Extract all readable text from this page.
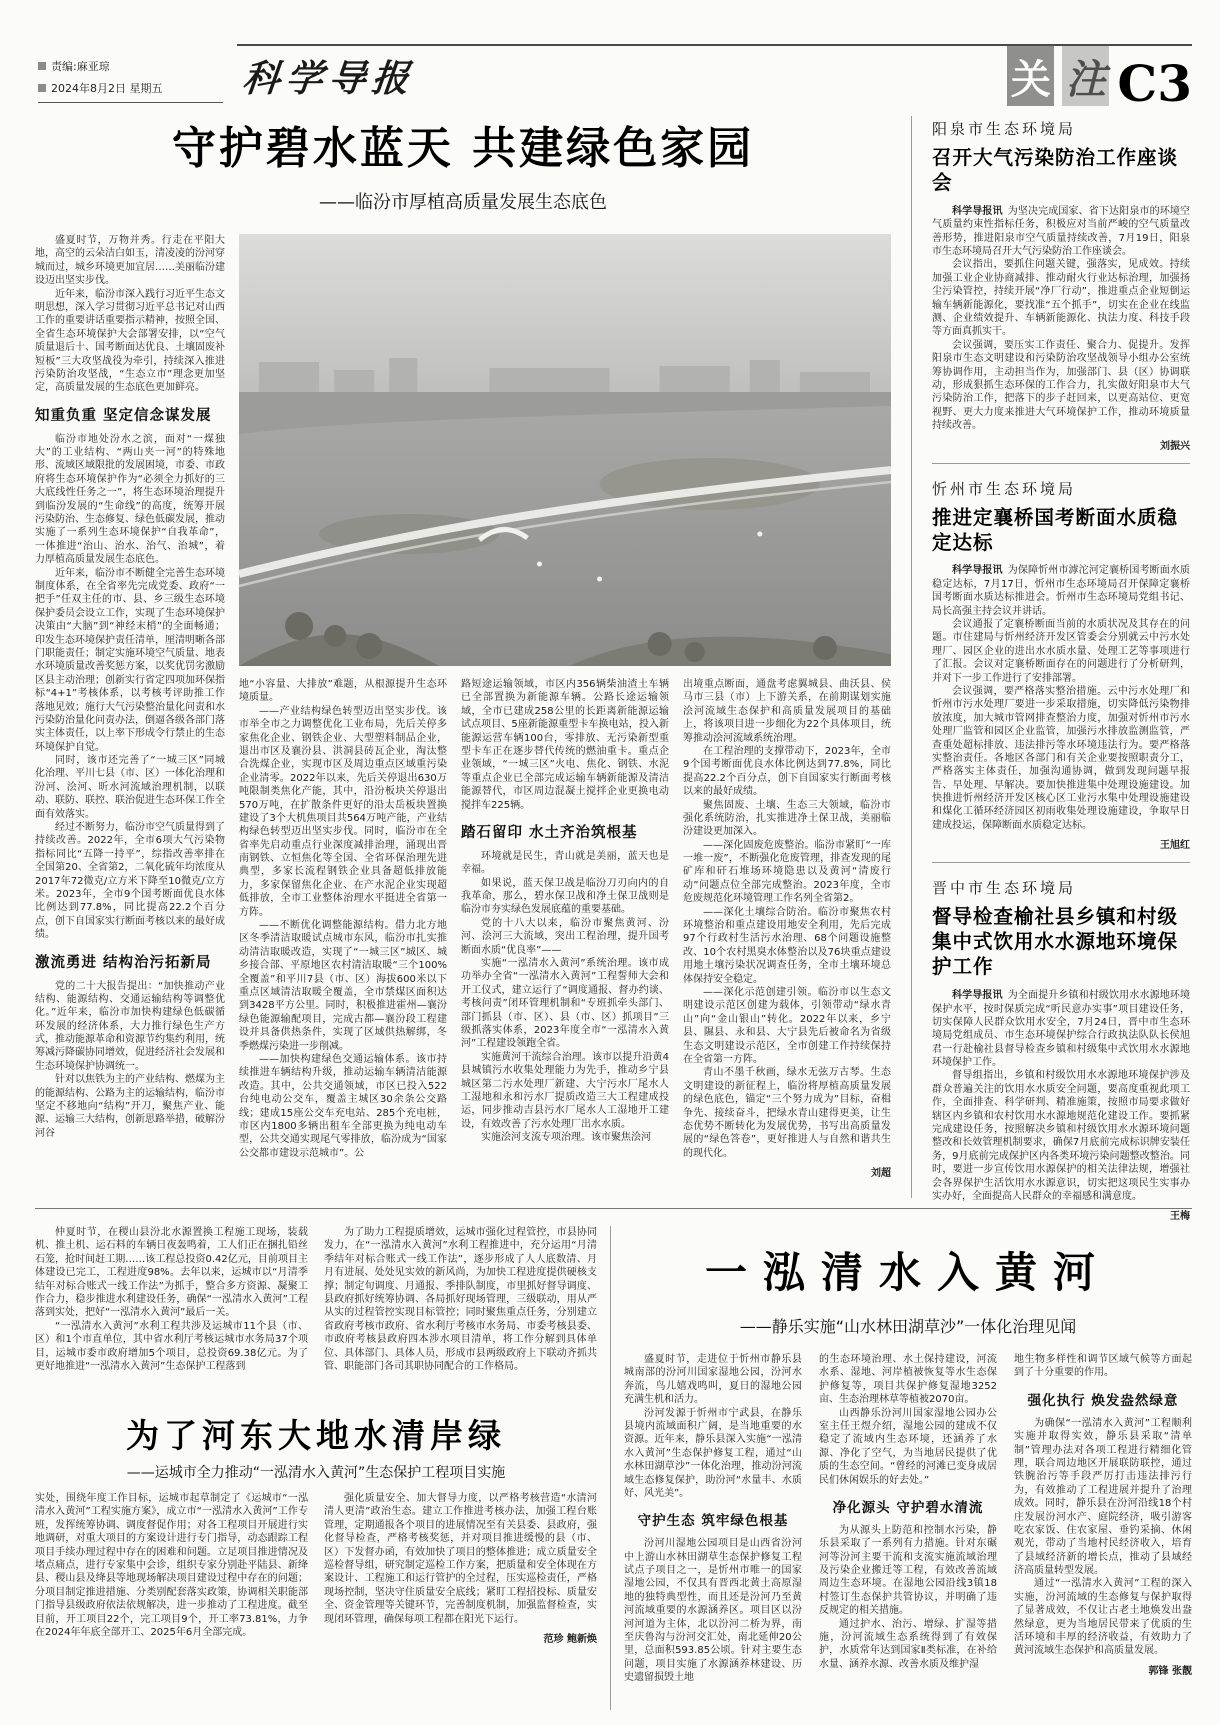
责编:麻亚琼
2024年8月2日 星期五 科学导报	关 注 C3
守护碧水蓝天 共建绿色家园
——临汾市厚植高质量发展生态底色

盛夏时节，万物并秀。行走在平阳大地，高空的云朵洁白如玉，清凌凌的汾河穿城而过，城乡环境更加宜居……美丽临汾建设迈出坚实步伐。

近年来，临汾市深入践行习近平生态文明思想，深入学习贯彻习近平总书记对山西工作的重要讲话重要指示精神，按照全国、全省生态环境保护大会部署安排，以“空气质量退后十、国考断面达优良、土壤固废补短板”三大攻坚战役为牵引，持续深入推进污染防治攻坚战，“生态立市”理念更加坚定，高质量发展的生态底色更加鲜亮。

知重负重 坚定信念谋发展

临汾市地处汾水之滨，面对“一煤独大”的工业结构、“两山夹一河”的特殊地形、流域区域限批的发展困境，市委、市政府将生态环境保护作为“必须全力抓好的三大底线性任务之一”，将生态环境治理提升到临汾发展的“生命线”的高度，统筹开展污染防治、生态修复、绿色低碳发展，推动实施了一系列生态环境保护“自我革命”，一体推进“治山、治水、治气、治城”，着力厚植高质量发展生态底色。

近年来，临汾市不断健全完善生态环境制度体系，在全省率先完成党委、政府“一把手”任双主任的市、县、乡三级生态环境保护委员会设立工作，实现了生态环境保护决策由“大脑”到“神经末梢”的全面畅通；印发生态环境保护责任清单，厘清明晰各部门职能责任；制定实施环境空气质量、地表水环境质量改善奖惩方案，以奖优罚劣激励区县主动治理；创新实行省定四项加环保指标“4+1”考核体系，以考核考评助推工作落地见效；施行大气污染整治量化问责和水污染防治量化问责办法，倒逼各级各部门落实主体责任，以上率下形成令行禁止的生态环境保护自觉。

同时，该市还完善了“一城三区”同城化治理、平川七县（市、区）一体化治理和汾河、浍河、昕水河流域治理机制，以联动、联防、联控、联治促进生态环保工作全面有效落实。

经过不断努力，临汾市空气质量得到了持续改善。2022年，全市6项大气污染物指标同比“五降一持平”，综指改善率排在全国第20、全省第2，二氧化硫年均浓度从2017年72微克/立方米下降至10微克/立方米。2023年，全市9个国考断面优良水体比例达到77.8%，同比提高22.2个百分点，创下自国家实行断面考核以来的最好成绩。

激流勇进 结构治污拓新局

党的二十大报告提出：“加快推动产业结构、能源结构、交通运输结构等调整优化。”近年来，临汾市加快构建绿色低碳循环发展的经济体系，大力推行绿色生产方式，推动能源革命和资源节约集约利用，统筹减污降碳协同增效，促进经济社会发展和生态环境保护协调统一。

针对以焦铁为主的产业结构、燃煤为主的能源结构、公路为主的运输结构，临汾市坚定不移地向“结构”开刀，聚焦产业、能源、运输三大结构，创新思路举措，破解汾河谷

地“小容量、大排放”难题，从根源提升生态环境质量。

——产业结构绿色转型迈出坚实步伐。该市举全市之力调整优化工业布局，先后关停多家焦化企业、钢铁企业、大型塑料制品企业，退出市区及襄汾县、洪洞县砖瓦企业，淘汰整合洗煤企业，实现市区及周边重点区域重污染企业清零。2022年以来，先后关停退出630万吨限制类焦化产能，其中，沿汾板块关停退出570万吨，在扩散条件更好的沿太岳板块置换建设了3个大机焦项目共564万吨产能，产业结构绿色转型迈出坚实步伐。同时，临汾市在全省率先启动重点行业深度减排治理，涌现出晋南钢铁、立恒焦化等全国、全省环保治理先进典型，多家长流程钢铁企业具备超低排放能力，多家保留焦化企业、在产水泥企业实现超低排放，全市工业整体治理水平挺进全省第一方阵。

——不断优化调整能源结构。借力北方地区冬季清洁取暖试点城市东风，临汾市扎实推动清洁取暖改造，实现了“一城三区”城区、城乡接合部、平原地区农村清洁取暖“三个100%全覆盖”和平川7县（市、区）海拔600米以下重点区域清洁取暖全覆盖，全市禁煤区面积达到3428平方公里。同时，积极推进霍州—襄汾绿色能源输配项目，完成古都—襄汾段工程建设并具备供热条件，实现了区域供热解绑，冬季燃煤污染进一步削减。

——加快构建绿色交通运输体系。该市持续推进车辆结构升级，推动运输车辆清洁能源改造。其中，公共交通领域，市区已投入522台纯电动公交车，覆盖主城区30余条公交路线；建成15座公交车充电站、285个充电桩，市区内1800多辆出租车全部更换为纯电动车型，公共交通实现尾气零排放，临汾成为“国家公交都市建设示范城市”。公

路短途运输领域，市区内356辆柴油渣土车辆已全部置换为新能源车辆。公路长途运输领域，全市已建成258公里的长距离新能源运输试点项目、5座新能源重型卡车换电站，投入新能源运营车辆100台，零排放、无污染新型重型卡车正在逐步替代传统的燃油重卡。重点企业领域，“一城三区”火电、焦化、钢铁、水泥等重点企业已全部完成运输车辆新能源及清洁能源替代，市区周边混凝土搅拌企业更换电动搅拌车225辆。

踏石留印 水土齐治筑根基

环境就是民生，青山就是美丽，蓝天也是幸福。

如果说，蓝天保卫战是临汾刀刃向内的自我革命，那么，碧水保卫战和净土保卫战则是临汾市夯实绿色发展底蕴的重要基础。

党的十八大以来，临汾市聚焦黄河、汾河、浍河三大流域，突出工程治理，提升国考断面水质“优良率”——

实施“一泓清水入黄河”系统治理。该市成功举办全省“一泓清水入黄河”工程誓师大会和开工仪式，建立运行了“调度通报、督办约谈、考核问责”闭环管理机制和“专班抓牵头部门、部门抓县（市、区）、县（市、区）抓项目”三级抓落实体系，2023年度全市“一泓清水入黄河”工程建设领跑全省。

实施黄河干流综合治理。该市以提升沿黄4县城镇污水收集处理能力为先手，推动乡宁县城区第二污水处理厂新建、大宁污水厂尾水人工湿地和永和污水厂提质改造三大工程建成投运，同步推动吉县污水厂尾水人工湿地开工建设，有效改善了污水处理厂出水水质。

实施浍河支流专项治理。该市聚焦浍河

出境重点断面，通盘考虑翼城县、曲沃县、侯马市三县（市）上下游关系，在前期谋划实施浍河流域生态保护和高质量发展项目的基础上，将该项目进一步细化为22个具体项目，统筹推动浍河流域系统治理。

在工程治理的支撑带动下，2023年，全市9个国考断面优良水体比例达到77.8%，同比提高22.2个百分点，创下自国家实行断面考核以来的最好成绩。

聚焦固废、土壤、生态三大领域，临汾市强化系统防治，扎实推进净土保卫战，美丽临汾建设更加深入。

——深化固废危废整治。临汾市紧盯“一库一堆一废”，不断强化危废管理，排查发现的尾矿库和矸石堆场环境隐患以及黄河“清废行动”问题点位全部完成整治。2023年度，全市危废规范化环境管理工作名列全省第2。

——深化土壤综合防治。临汾市聚焦农村环境整治和重点建设用地安全利用，先后完成97个行政村生活污水治理、68个问题设施整改、10个农村黑臭水体整治以及76块重点建设用地土壤污染状况调查任务，全市土壤环境总体保持安全稳定。

——深化示范创建引领。临汾市以生态文明建设示范区创建为载体，引领带动“绿水青山”向“金山银山”转化。2022年以来，乡宁县、隰县、永和县、大宁县先后被命名为省级生态文明建设示范区，全市创建工作持续保持在全省第一方阵。

青山不墨千秋画，绿水无弦万古琴。生态文明建设的新征程上，临汾将厚植高质量发展的绿色底色，锚定“三个努力成为”目标，奋楫争先、接续奋斗，把绿水青山建得更美，让生态优势不断转化为发展优势，书写出高质量发展的“绿色答卷”，更好推进人与自然和谐共生的现代化。

刘超
阳泉市生态环境局
召开大气污染防治工作座谈会

科学导报讯 为坚决完成国家、省下达阳泉市的环境空气质量约束性指标任务，积极应对当前严峻的空气质量改善形势，推进阳泉市空气质量持续改善，7月19日，阳泉市生态环境局召开大气污染防治工作座谈会。

会议指出，要抓住问题关键，强落实，见成效。持续加强工业企业协商减排、推动耐火行业达标治理，加强扬尘污染管控，持续开展“净厂行动”，推进重点企业短倒运输车辆新能源化，要找准“五个抓手”，切实在企业在线监测、企业绩效提升、车辆新能源化、执法力度、科技手段等方面真抓实干。

会议强调，要压实工作责任、聚合力、促提升。发挥阳泉市生态文明建设和污染防治攻坚战领导小组办公室统筹协调作用，主动担当作为，加强部门、县（区）协调联动，形成狠抓生态环保的工作合力，扎实做好阳泉市大气污染防治工作，把落下的步子赶回来，以更高站位、更宽视野、更大力度来推进大气环境保护工作，推动环境质量持续改善。

刘振兴
忻州市生态环境局
推进定襄桥国考断面水质稳定达标

科学导报讯 为保障忻州市滹沱河定襄桥国考断面水质稳定达标，7月17日，忻州市生态环境局召开保障定襄桥国考断面水质达标推进会。忻州市生态环境局党组书记、局长高强主持会议并讲话。

会议通报了定襄桥断面当前的水质状况及其存在的问题。市住建局与忻州经济开发区管委会分别就云中污水处理厂、园区企业的进出水水质水量、处理工艺等事项进行了汇报。会议对定襄桥断面存在的问题进行了分析研判，并对下一步工作进行了安排部署。

会议强调，要严格落实整治措施。云中污水处理厂和忻州市污水处理厂要进一步采取措施，切实降低污染物排放浓度，加大城市管网排查整治力度，加强对忻州市污水处理厂监管和园区企业监管，加强污水排放监测监管，严查重处超标排放、违法排污等水环境违法行为。要严格落实整治责任。各地区各部门和有关企业要按照职责分工，严格落实主体责任，加强沟通协调，做到发现问题早报告、早处理、早解决。要加快推进集中处理设施建设。加快推进忻州经济开发区核心区工业污水集中处理设施建设和煤化工循环经济园区初雨收集处理设施建设，争取早日建成投运，保障断面水质稳定达标。

王旭红
晋中市生态环境局
督导检查榆社县乡镇和村级集中式饮用水水源地环境保护工作

科学导报讯 为全面提升乡镇和村级饮用水水源地环境保护水平，按时保质完成“听民意办实事”项目建设任务，切实保障人民群众饮用水安全，7月24日，晋中市生态环境局党组成员、市生态环境保护综合行政执法队队长侯旭君一行赴榆社县督导检查乡镇和村级集中式饮用水水源地环境保护工作。

督导组指出，乡镇和村级饮用水水源地环境保护涉及群众普遍关注的饮用水水质安全问题，要高度重视此项工作，全面排查、科学研判、精准施策，按照市局要求做好辖区内乡镇和农村饮用水水源地规范化建设工作。要抓紧完成建设任务，按照解决乡镇和村级饮用水水源环境问题整改和长效管理机制要求，确保7月底前完成标识牌安装任务，9月底前完成保护区内各类环境污染问题整改整治。同时，要进一步宣传饮用水源保护的相关法律法规，增强社会各界保护生活饮用水水源意识，切实把这项民生实事办实办好，全面提高人民群众的幸福感和满意度。

王梅

仲夏时节，在稷山县汾北水源置换工程施工现场，装载机、推土机、运石料的车辆日夜轰鸣着，工人们正在捆扎铅丝石笼，抢时间赶工期……该工程总投资0.42亿元，目前项目主体建设已完工，工程进度98%。去年以来，运城市以“月清季结年对标合账式一线工作法”为抓手，整合多方资源、凝聚工作合力，稳步推进水利建设任务，确保“一泓清水入黄河”工程落到实处，把好“一泓清水入黄河”最后一关。

“一泓清水入黄河”水利工程共涉及运城市11个县（市、区）和1个市直单位，其中省水利厅考核运城市水务局37个项目，运城市委市政府增加5个项目，总投资69.38亿元。为了更好地推进“一泓清水入黄河”生态保护工程落到

为了助力工程提质增效，运城市强化过程管控，市县协同发力，在“一泓清水入黄河”水利工程推进中，充分运用“月清季结年对标合账式一线工作法”，逐步形成了人人底数清、月月有进展、处处见实效的新风尚，为加快工程进度提供硬核支撑；制定旬调度、月通报、季排队制度，市里抓好督导调度、县政府抓好统筹协调、各局抓好现场管理，三级联动，用从严从实的过程管控实现目标管控；同时聚焦重点任务，分别建立省政府考核市政府、省水利厅考核市水务局、市委考核县委、市政府考核县政府四本涉水项目清单，将工作分解到具体单位、具体部门、具体人员，形成市县两级政府上下联动齐抓共管、职能部门各司其职协同配合的工作格局。

为了河东大地水清岸绿
——运城市全力推动“一泓清水入黄河”生态保护工程项目实施

实处，围绕年度工作目标，运城市起草制定了《运城市“一泓清水入黄河”工程实施方案》，成立市“一泓清水入黄河”工作专班，发挥统筹协调、调度督促作用；对各工程项目开展进行实地调研，对重大项目的方案设计进行专门指导，动态跟踪工程项目手续办理过程中存在的困难和问题。立足项目推进情况及堵点痛点，进行专家集中会诊，组织专家分别赴平陆县、新绛县、稷山县及绛县等地现场解决项目建设过程中存在的问题；分项目制定推进措施、分类别配套落实政策，协调相关职能部门指导县级政府依法依规解决，进一步推动了工程进度。截至目前，开工项目22个，完工项目9个，开工率73.81%，力争在2024年年底全部开工、2025年6月全部完成。

强化质量安全、加大督导力度，以严格考核营造“水清河清人更清”政治生态。建立工作推进考核办法，加强工程台账管理，定期通报各个项目的进展情况至有关县委、县政府，强化督导检查，严格考核奖惩，并对项目推进缓慢的县（市、区）下发督办函，有效加快了项目的整体推进；成立质量安全巡检督导组，研究制定巡检工作方案，把质量和安全体现在方案设计、工程施工和运行管护的全过程，压实巡检责任，严格现场控制，坚决守住质量安全底线；紧盯工程招投标、质量安全、资金管理等关键环节，完善制度机制，加强监督检查，实现闭环管理，确保每项工程都在阳光下运行。

范珍 鲍新焕
一泓清水入黄河
——静乐实施“山水林田湖草沙”一体化治理见闻

盛夏时节，走进位于忻州市静乐县城南部的汾河川国家湿地公园，汾河水奔流，鸟儿嬉戏鸣叫，夏日的湿地公园充满生机和活力。

汾河发源于忻州市宁武县，在静乐县境内流域面积广阔，是当地重要的水资源。近年来，静乐县深入实施“一泓清水入黄河”生态保护修复工程，通过“山水林田湖草沙”一体化治理，推动汾河流域生态修复保护，助汾河“水量丰、水质好、风光美”。

守护生态 筑牢绿色根基

汾河川湿地公园项目是山西省汾河中上游山水林田湖草生态保护修复工程试点子项目之一，是忻州市唯一的国家湿地公园，不仅具有晋西北黄土高原湿地的独特典型性，而且还是汾河乃至黄河流域重要的水源涵养区。项目区以汾河河道为主体，北以汾河二桥为界，南至庆鲁沟与汾河交汇处，南北延伸20公里，总面积593.85公顷。针对主要生态问题，项目实施了水源涵养林建设、历史遗留损毁土地

的生态环境治理、水土保持建设，河流水系、湿地、河岸植被恢复等水生态保护修复等，项目共保护修复湿地3252亩、生态治理林草等植被2070亩。

山西静乐汾河川国家湿地公园办公室主任王煜介绍，湿地公园的建成不仅稳定了流域内生态环境，还涵养了水源、净化了空气，为当地居民提供了优质的生态空间。“曾经的河滩已变身成居民们休闲娱乐的好去处。”

净化源头 守护碧水清流

为从源头上防范和控制水污染，静乐县采取了一系列有力措施。针对东碾河等汾河主要干流和支流实施流域治理及污染企业搬迁等工程，有效改善流域周边生态环境。在湿地公园沿线3镇18村签订生态保护共管协议，并明确了违反规定的相关措施。

通过护水、治污、增绿、扩湿等措施，汾河流域生态系统得到了有效保护，水质常年达到国家Ⅱ类标准，在补给水量、涵养水源、改善水质及维护湿

地生物多样性和调节区域气候等方面起到了十分重要的作用。

强化执行 焕发盎然绿意

为确保“一泓清水入黄河”工程顺利实施并取得实效，静乐县采取“清单制”管理办法对各项工程进行精细化管理，联合周边地区开展联防联控，通过铁腕治污等手段严厉打击违法排污行为，有效推动了工程进展并提升了治理成效。同时，静乐县在汾河沿线18个村庄发展汾河水产、庭院经济，吸引游客吃农家饭、住农家屋、垂钓采摘、休闲观光，带动了当地村民经济收入，培育了县域经济新的增长点，推动了县域经济高质量转型发展。

通过“一泓清水入黄河”工程的深入实施，汾河流域的生态修复与保护取得了显著成效，不仅让古老土地焕发出盎然绿意，更为当地居民带来了优质的生活环境和丰厚的经济收益，有效助力了黄河流域生态保护和高质量发展。

郭锋 张靓
